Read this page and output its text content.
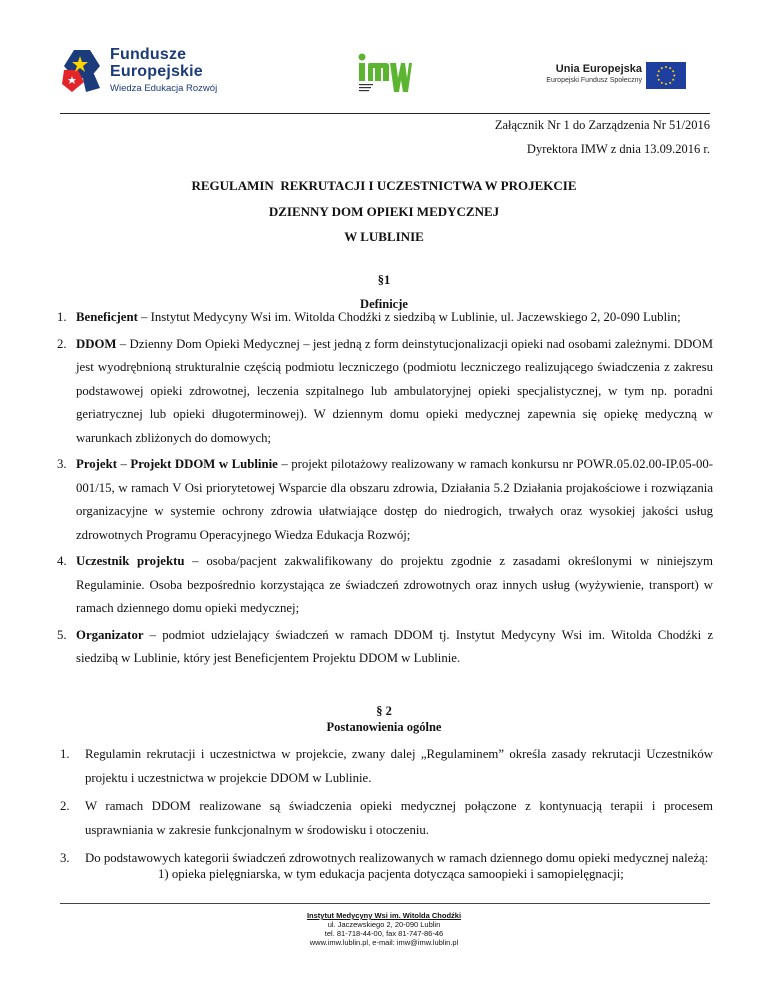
Fundusze
Europejskie
Wiedza Edukacja Rozwój
Unia Europejska
Europejski Fundusz Społeczny
Załącznik Nr 1 do Zarządzenia Nr 51/2016
Dyrektora IMW z dnia 13.09.2016 r.
REGULAMIN  REKRUTACJI I UCZESTNICTWA W PROJEKCIE
DZIENNY DOM OPIEKI MEDYCZNEJ
W LUBLINIE
§1
Definicje
1. Beneficjent – Instytut Medycyny Wsi im. Witolda Chodźki z siedzibą w Lublinie, ul. Jaczewskiego 2, 20-090 Lublin;
2. DDOM – Dzienny Dom Opieki Medycznej – jest jedną z form deinstytucjonalizacji opieki nad osobami zależnymi. DDOM jest wyodrębnioną strukturalnie częścią podmiotu leczniczego (podmiotu leczniczego realizującego świadczenia z zakresu podstawowej opieki zdrowotnej, leczenia szpitalnego lub ambulatoryjnej opieki specjalistycznej, w tym np. poradni geriatrycznej lub opieki długoterminowej). W dziennym domu opieki medycznej zapewnia się opiekę medyczną w warunkach zbliżonych do domowych;
3. Projekt – Projekt DDOM w Lublinie – projekt pilotażowy realizowany w ramach konkursu nr POWR.05.02.00-IP.05-00-001/15, w ramach V Osi priorytetowej Wsparcie dla obszaru zdrowia, Działania 5.2 Działania projakościowe i rozwiązania organizacyjne w systemie ochrony zdrowia ułatwiające dostęp do niedrogich, trwałych oraz wysokiej jakości usług zdrowotnych Programu Operacyjnego Wiedza Edukacja Rozwój;
4. Uczestnik projektu – osoba/pacjent zakwalifikowany do projektu zgodnie z zasadami określonymi w niniejszym Regulaminie. Osoba bezpośrednio korzystająca ze świadczeń zdrowotnych oraz innych usług (wyżywienie, transport) w ramach dziennego domu opieki medycznej;
5. Organizator – podmiot udzielający świadczeń w ramach DDOM tj. Instytut Medycyny Wsi im. Witolda Chodźki z siedzibą w Lublinie, który jest Beneficjentem Projektu DDOM w Lublinie.
§ 2
Postanowienia ogólne
1. Regulamin rekrutacji i uczestnictwa w projekcie, zwany dalej „Regulaminem” określa zasady rekrutacji Uczestników projektu i uczestnictwa w projekcie DDOM w Lublinie.
2. W ramach DDOM realizowane są świadczenia opieki medycznej połączone z kontynuacją terapii i procesem usprawniania w zakresie funkcjonalnym w środowisku i otoczeniu.
3. Do podstawowych kategorii świadczeń zdrowotnych realizowanych w ramach dziennego domu opieki medycznej należą:
1) opieka pielęgniarska, w tym edukacja pacjenta dotycząca samoopieki i samopielęgnacji;
Instytut Medycyny Wsi im. Witolda Chodźki
ul. Jaczewskiego 2, 20-090 Lublin
tel. 81-718-44-00, fax 81-747-86-46
www.imw.lublin.pl, e-mail: imw@imw.lublin.pl
